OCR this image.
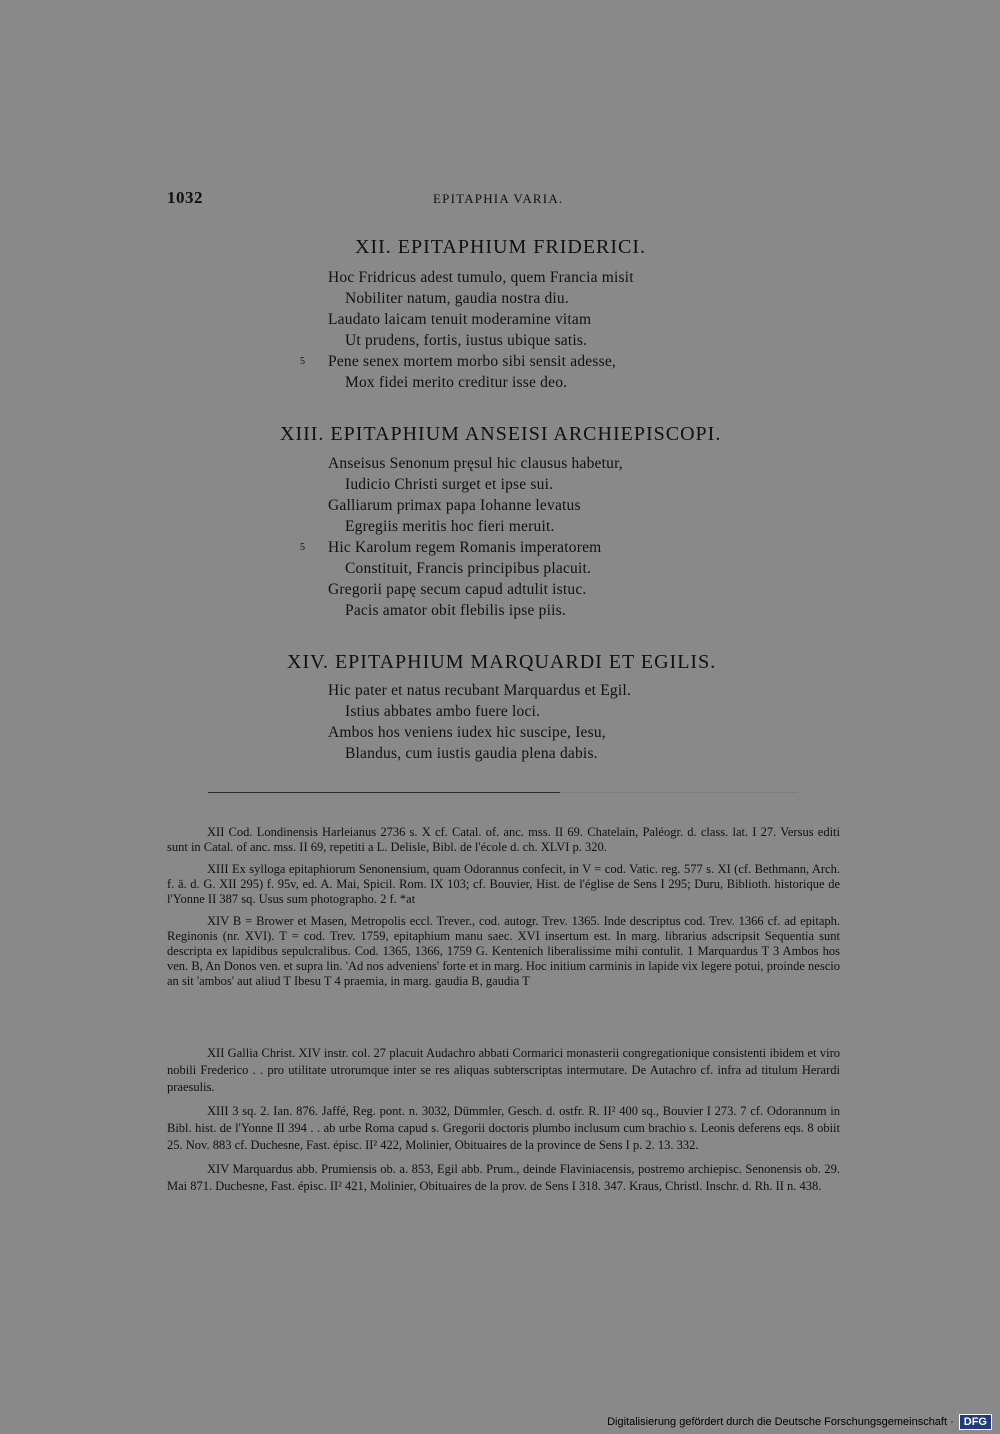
1032	EPITAPHIA VARIA.
XII. EPITAPHIUM FRIDERICI.
Hoc Fridricus adest tumulo, quem Francia misit
Nobiliter natum, gaudia nostra diu.
Laudato laicam tenuit moderamine vitam
Ut prudens, fortis, iustus ubique satis.
5 Pene senex mortem morbo sibi sensit adesse,
Mox fidei merito creditur isse deo.
XIII. EPITAPHIUM ANSEISI ARCHIEPISCOPI.
Anseisus Senonum pręsul hic clausus habetur,
Iudicio Christi surget et ipse sui.
Galliarum primax papa Iohanne levatus
Egregiis meritis hoc fieri meruit.
5 Hic Karolum regem Romanis imperatorem
Constituit, Francis principibus placuit.
Gregorii papę secum capud adtulit istuc.
Pacis amator obit flebilis ipse piis.
XIV. EPITAPHIUM MARQUARDI ET EGILIS.
Hic pater et natus recubant Marquardus et Egil.
Istius abbates ambo fuere loci.
Ambos hos veniens iudex hic suscipe, Iesu,
Blandus, cum iustis gaudia plena dabis.

XII Cod. Londinensis Harleianus 2736 s. X cf. Catal. of. anc. mss. II 69. Chatelain, Paléogr. d. class. lat. I 27. Versus editi sunt in Catal. of anc. mss. II 69, repetiti a L. Delisle, Bibl. de l'école d. ch. XLVI p. 320.

XIII Ex sylloga epitaphiorum Senonensium, quam Odorannus confecit, in V = cod. Vatic. reg. 577 s. XI (cf. Bethmann, Arch. f. ä. d. G. XII 295) f. 95v, ed. A. Mai, Spicil. Rom. IX 103; cf. Bouvier, Hist. de l'église de Sens I 295; Duru, Biblioth. historique de l'Yonne II 387 sq. Usus sum photographo. 2 f. *at

XIV B = Brower et Masen, Metropolis eccl. Trever., cod. autogr. Trev. 1365. Inde descriptus cod. Trev. 1366 cf. ad epitaph. Reginonis (nr. XVI). T = cod. Trev. 1759, epitaphium manu saec. XVI insertum est. In marg. librarius adscripsit Sequentia sunt descripta ex lapidibus sepulcralibus. Cod. 1365, 1366, 1759 G. Kentenich liberalissime mihi contulit. 1 Marquardus T 3 Ambos hos ven. B, An Donos ven. et supra lin. 'Ad nos adveniens' forte et in marg. Hoc initium carminis in lapide vix legere potui, proinde nescio an sit 'ambos' aut aliud T Ibesu T 4 praemia, in marg. gaudia B, gaudia T

XII Gallia Christ. XIV instr. col. 27 placuit Audachro abbati Cormarici monasterii congregationique consistenti ibidem et viro nobili Frederico . . pro utilitate utrorumque inter se res aliquas subterscriptas intermutare. De Autachro cf. infra ad titulum Herardi praesulis.

XIII 3 sq. 2. Ian. 876. Jaffé, Reg. pont. n. 3032, Dümmler, Gesch. d. ostfr. R. II² 400 sq., Bouvier I 273. 7 cf. Odorannum in Bibl. hist. de l'Yonne II 394 . . ab urbe Roma capud s. Gregorii doctoris plumbo inclusum cum brachio s. Leonis deferens eqs. 8 obiit 25. Nov. 883 cf. Duchesne, Fast. épisc. II² 422, Molinier, Obituaires de la province de Sens I p. 2. 13. 332.

XIV Marquardus abb. Prumiensis ob. a. 853, Egil abb. Prum., deinde Flaviniacensis, postremo archiepisc. Senonensis ob. 29. Mai 871. Duchesne, Fast. épisc. II² 421, Molinier, Obituaires de la prov. de Sens I 318. 347. Kraus, Christl. Inschr. d. Rh. II n. 438.

Digitalisierung gefördert durch die Deutsche Forschungsgemeinschaft · DFG
